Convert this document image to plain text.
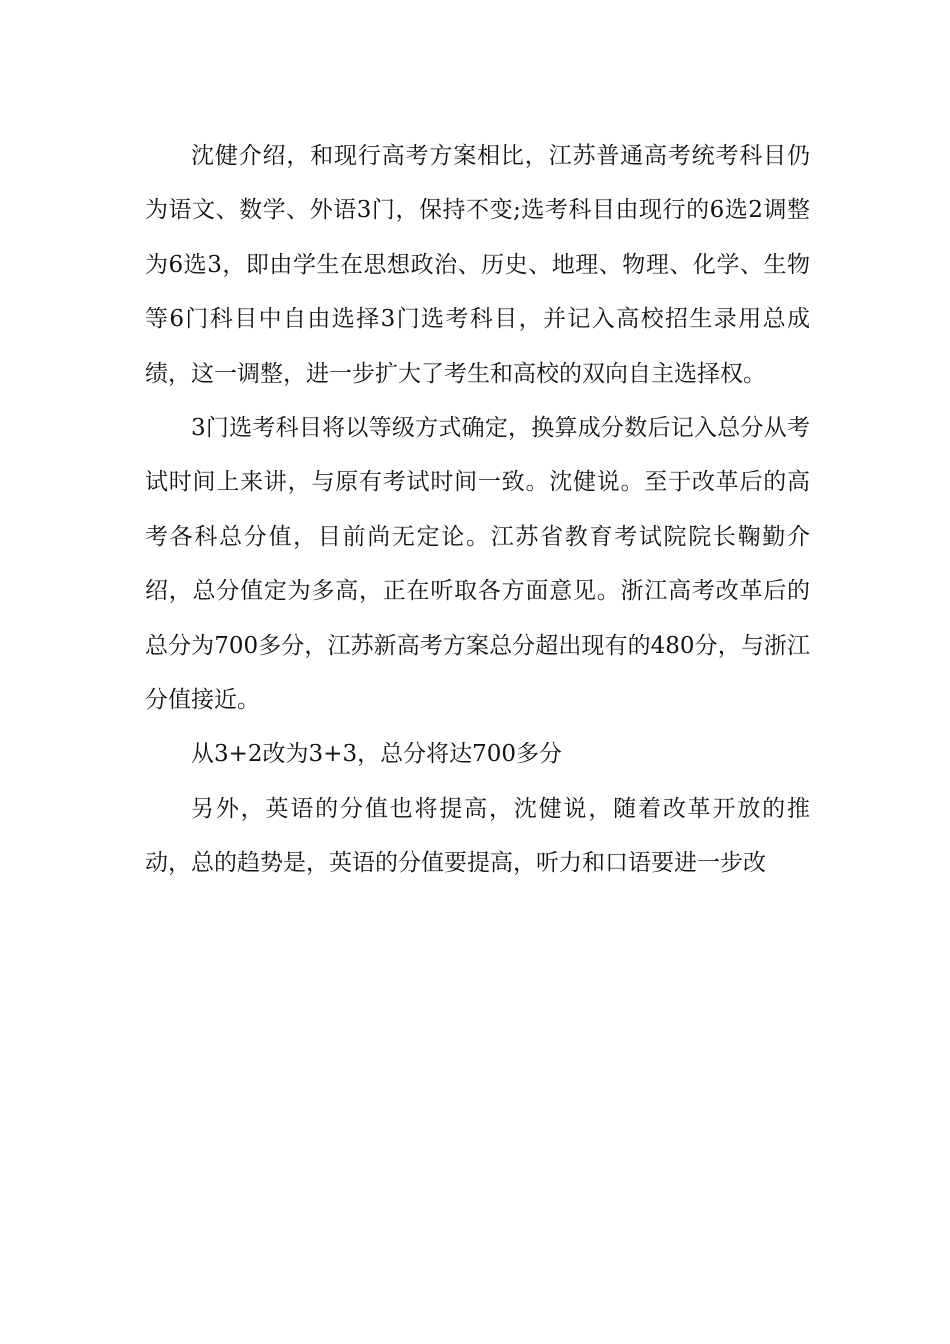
沈健介绍，和现行高考方案相比，江苏普通高考统考科目仍为语文、数学、外语3门，保持不变;选考科目由现行的6选2调整为6选3，即由学生在思想政治、历史、地理、物理、化学、生物等6门科目中自由选择3门选考科目，并记入高校招生录用总成绩，这一调整，进一步扩大了考生和高校的双向自主选择权。

3门选考科目将以等级方式确定，换算成分数后记入总分从考试时间上来讲，与原有考试时间一致。沈健说。至于改革后的高考各科总分值，目前尚无定论。江苏省教育考试院院长鞠勤介绍，总分值定为多高，正在听取各方面意见。浙江高考改革后的总分为700多分，江苏新高考方案总分超出现有的480分，与浙江分值接近。

从3+2改为3+3，总分将达700多分

另外，英语的分值也将提高，沈健说，随着改革开放的推动，总的趋势是，英语的分值要提高，听力和口语要进一步改
